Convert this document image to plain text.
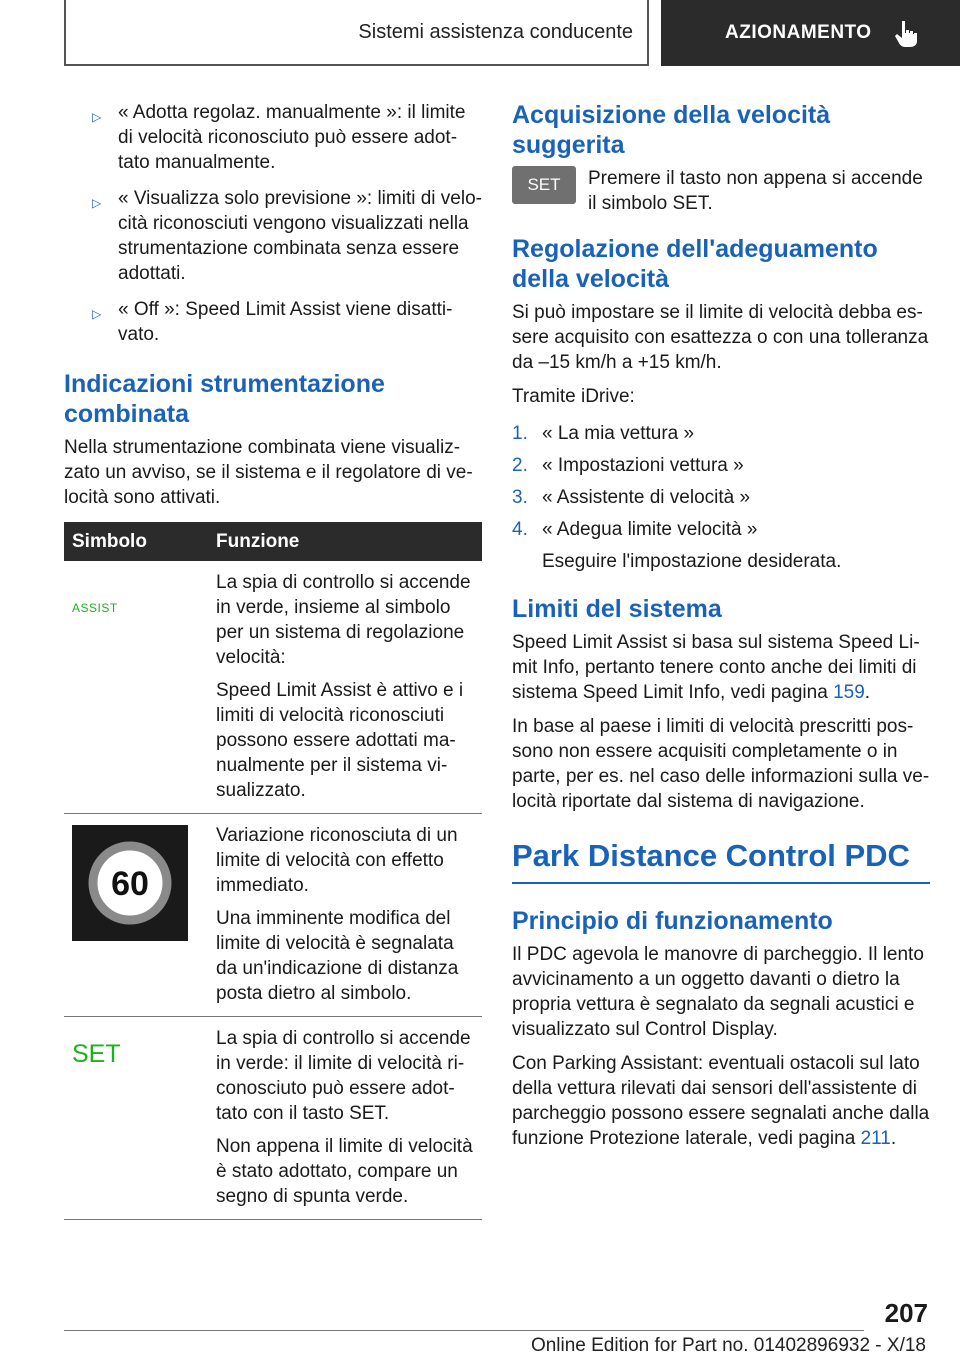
Sistemi assistenza conducente	AZIONAMENTO
▷ « Adotta regolaz. manualmente »: il limite di velocità riconosciuto può essere adottato manualmente.
▷ « Visualizza solo previsione »: limiti di velocità riconosciuti vengono visualizzati nella strumentazione combinata senza essere adottati.
▷ « Off »: Speed Limit Assist viene disattivato.
Indicazioni strumentazione combinata

Nella strumentazione combinata viene visualizzato un avviso, se il sistema e il regolatore di velocità sono attivati.

Simbolo	Funzione

ASSIST	La spia di controllo si accende in verde, insieme al simbolo per un sistema di regolazione velocità:

Speed Limit Assist è attivo e i limiti di velocità riconosciuti possono essere adottati manualmente per il sistema visualizzato.

60	Variazione riconosciuta di un limite di velocità con effetto immediato.

Una imminente modifica del limite di velocità è segnalata da un'indicazione di distanza posta dietro al simbolo.

SET	La spia di controllo si accende in verde: il limite di velocità riconosciuto può essere adottato con il tasto SET.

Non appena il limite di velocità è stato adottato, compare un segno di spunta verde.

Acquisizione della velocità suggerita
SET	Premere il tasto non appena si accende il simbolo SET.

Regolazione dell'adeguamento della velocità

Si può impostare se il limite di velocità debba essere acquisito con esattezza o con una tolleranza da –15 km/h a +15 km/h.

Tramite iDrive:

1. « La mia vettura »
2. « Impostazioni vettura »
3. « Assistente di velocità »
4. « Adegua limite velocità »

Eseguire l'impostazione desiderata.

Limiti del sistema

Speed Limit Assist si basa sul sistema Speed Limit Info, pertanto tenere conto anche dei limiti di sistema Speed Limit Info, vedi pagina 159.

In base al paese i limiti di velocità prescritti possono non essere acquisiti completamente o in parte, per es. nel caso delle informazioni sulla velocità riportate dal sistema di navigazione.

Park Distance Control PDC
Principio di funzionamento

Il PDC agevola le manovre di parcheggio. Il lento avvicinamento a un oggetto davanti o dietro la propria vettura è segnalato da segnali acustici e visualizzato sul Control Display.

Con Parking Assistant: eventuali ostacoli sul lato della vettura rilevati dai sensori dell'assistente di parcheggio possono essere segnalati anche dalla funzione Protezione laterale, vedi pagina 211.

207
Online Edition for Part no. 01402896932 - X/18
